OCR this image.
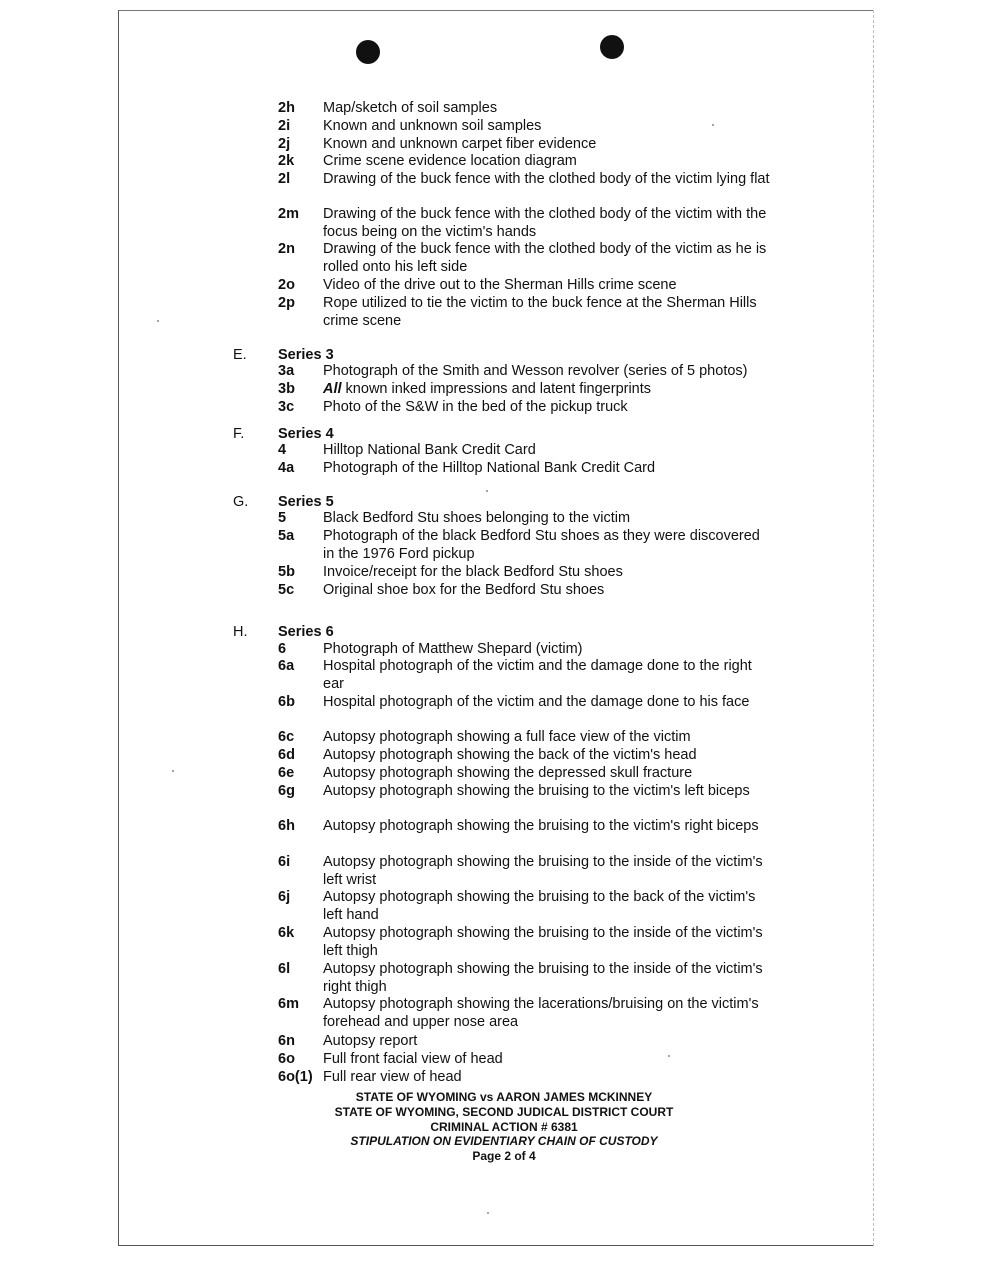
2h Map/sketch of soil samples
2i Known and unknown soil samples
2j Known and unknown carpet fiber evidence
2k Crime scene evidence location diagram
2l Drawing of the buck fence with the clothed body of the victim lying flat
2m Drawing of the buck fence with the clothed body of the victim with the focus being on the victim's hands
2n Drawing of the buck fence with the clothed body of the victim as he is rolled onto his left side
2o Video of the drive out to the Sherman Hills crime scene
2p Rope utilized to tie the victim to the buck fence at the Sherman Hills crime scene
E. Series 3
3a Photograph of the Smith and Wesson revolver (series of 5 photos)
3b All known inked impressions and latent fingerprints
3c Photo of the S&W in the bed of the pickup truck
F. Series 4
4	Hilltop National Bank Credit Card
4a Photograph of the Hilltop National Bank Credit Card
G. Series 5
5	Black Bedford Stu shoes belonging to the victim
5a Photograph of the black Bedford Stu shoes as they were discovered in the 1976 Ford pickup
5b Invoice/receipt for the black Bedford Stu shoes
5c Original shoe box for the Bedford Stu shoes
H. Series 6
6	Photograph of Matthew Shepard (victim)
6a Hospital photograph of the victim and the damage done to the right ear
6b Hospital photograph of the victim and the damage done to his face
6c Autopsy photograph showing a full face view of the victim
6d Autopsy photograph showing the back of the victim's head
6e Autopsy photograph showing the depressed skull fracture
6g Autopsy photograph showing the bruising to the victim's left biceps
6h Autopsy photograph showing the bruising to the victim's right biceps
6i Autopsy photograph showing the bruising to the inside of the victim's left wrist
6j Autopsy photograph showing the bruising to the back of the victim's left hand
6k Autopsy photograph showing the bruising to the inside of the victim's left thigh
6l Autopsy photograph showing the bruising to the inside of the victim's right thigh
6m Autopsy photograph showing the lacerations/bruising on the victim's forehead and upper nose area
6n Autopsy report
6o Full front facial view of head
6o(1) Full rear view of head
STATE OF WYOMING vs AARON JAMES MCKINNEY
STATE OF WYOMING, SECOND JUDICAL DISTRICT COURT
CRIMINAL ACTION # 6381
STIPULATION ON EVIDENTIARY CHAIN OF CUSTODY
Page 2 of 4
